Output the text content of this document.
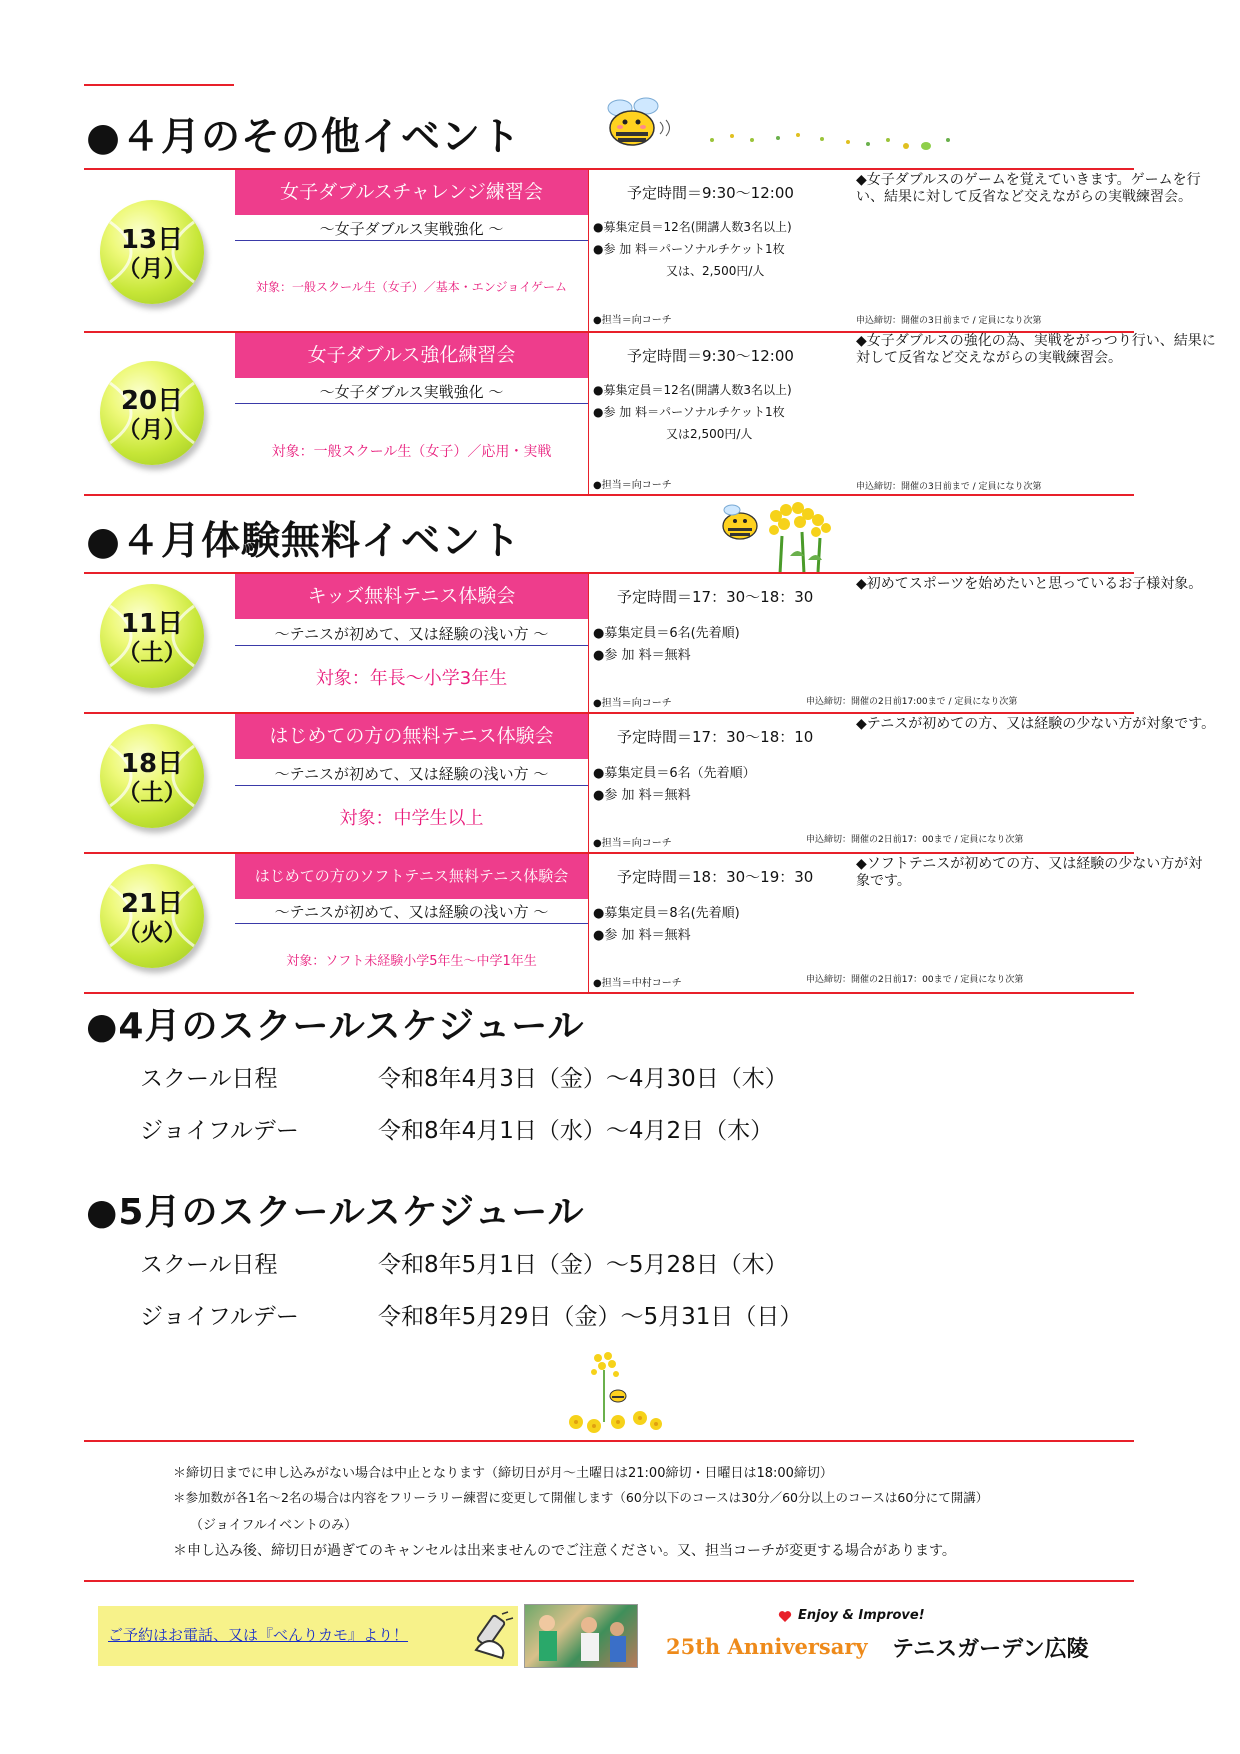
●４月のその他イベント
13日
（月）
女子ダブルスチャレンジ練習会
～女子ダブルス実戦強化 ～
対象：一般スクール生（女子）／基本・エンジョイゲーム
予定時間＝9:30～12:00
●募集定員＝12名(開講人数3名以上)
●参 加 料＝パーソナルチケット1枚
又は、2,500円/人
●担当＝向コーチ	申込締切：開催の3日前まで / 定員になり次第
◆女子ダブルスのゲームを覚えていきます。ゲームを行い、結果に対して反省など交えながらの実戦練習会。
20日
（月）
女子ダブルス強化練習会
～女子ダブルス実戦強化 ～
対象：一般スクール生（女子）／応用・実戦
予定時間＝9:30～12:00
●募集定員＝12名(開講人数3名以上)
●参 加 料＝パーソナルチケット1枚
又は2,500円/人
●担当＝向コーチ	申込締切：開催の3日前まで / 定員になり次第
◆女子ダブルスの強化の為、実戦をがっつり行い、結果に対して反省など交えながらの実戦練習会。
●４月体験無料イベント
11日
（土）
キッズ無料テニス体験会
～テニスが初めて、又は経験の浅い方 ～
対象：年長～小学3年生
予定時間＝17：30～18：30
●募集定員＝6名(先着順)
●参 加 料＝無料
●担当＝向コーチ	申込締切：開催の2日前17:00まで / 定員になり次第
◆初めてスポーツを始めたいと思っているお子様対象。
18日
（土）
はじめての方の無料テニス体験会
～テニスが初めて、又は経験の浅い方 ～
対象：中学生以上
予定時間＝17：30～18：10
●募集定員＝6名（先着順）
●参 加 料＝無料
●担当＝向コーチ	申込締切：開催の2日前17：00まで / 定員になり次第
◆テニスが初めての方、又は経験の少ない方が対象です。
21日
（火）
はじめての方のソフトテニス無料テニス体験会
～テニスが初めて、又は経験の浅い方 ～
対象：ソフト未経験小学5年生～中学1年生
予定時間＝18：30～19：30
●募集定員＝8名(先着順)
●参 加 料＝無料
●担当＝中村コーチ	申込締切：開催の2日前17：00まで / 定員になり次第
◆ソフトテニスが初めての方、又は経験の少ない方が対象です。
●4月のスクールスケジュール
スクール日程	令和8年4月3日（金）～4月30日（木）
ジョイフルデー	令和8年4月1日（水）～4月2日（木）
●5月のスクールスケジュール
スクール日程	令和8年5月1日（金）～5月28日（木）
ジョイフルデー	令和8年5月29日（金）～5月31日（日）
＊締切日までに申し込みがない場合は中止となります（締切日が月～土曜日は21:00締切・日曜日は18:00締切）
＊参加数が各1名～2名の場合は内容をフリーラリー練習に変更して開催します（60分以下のコースは30分／60分以上のコースは60分にて開講）
（ジョイフルイベントのみ）
＊申し込み後、締切日が過ぎてのキャンセルは出来ませんのでご注意ください。又、担当コーチが変更する場合があります。
ご予約はお電話、又は『べんりカモ』より！
Enjoy & Improve!
25th Anniversary テニスガーデン広陵
